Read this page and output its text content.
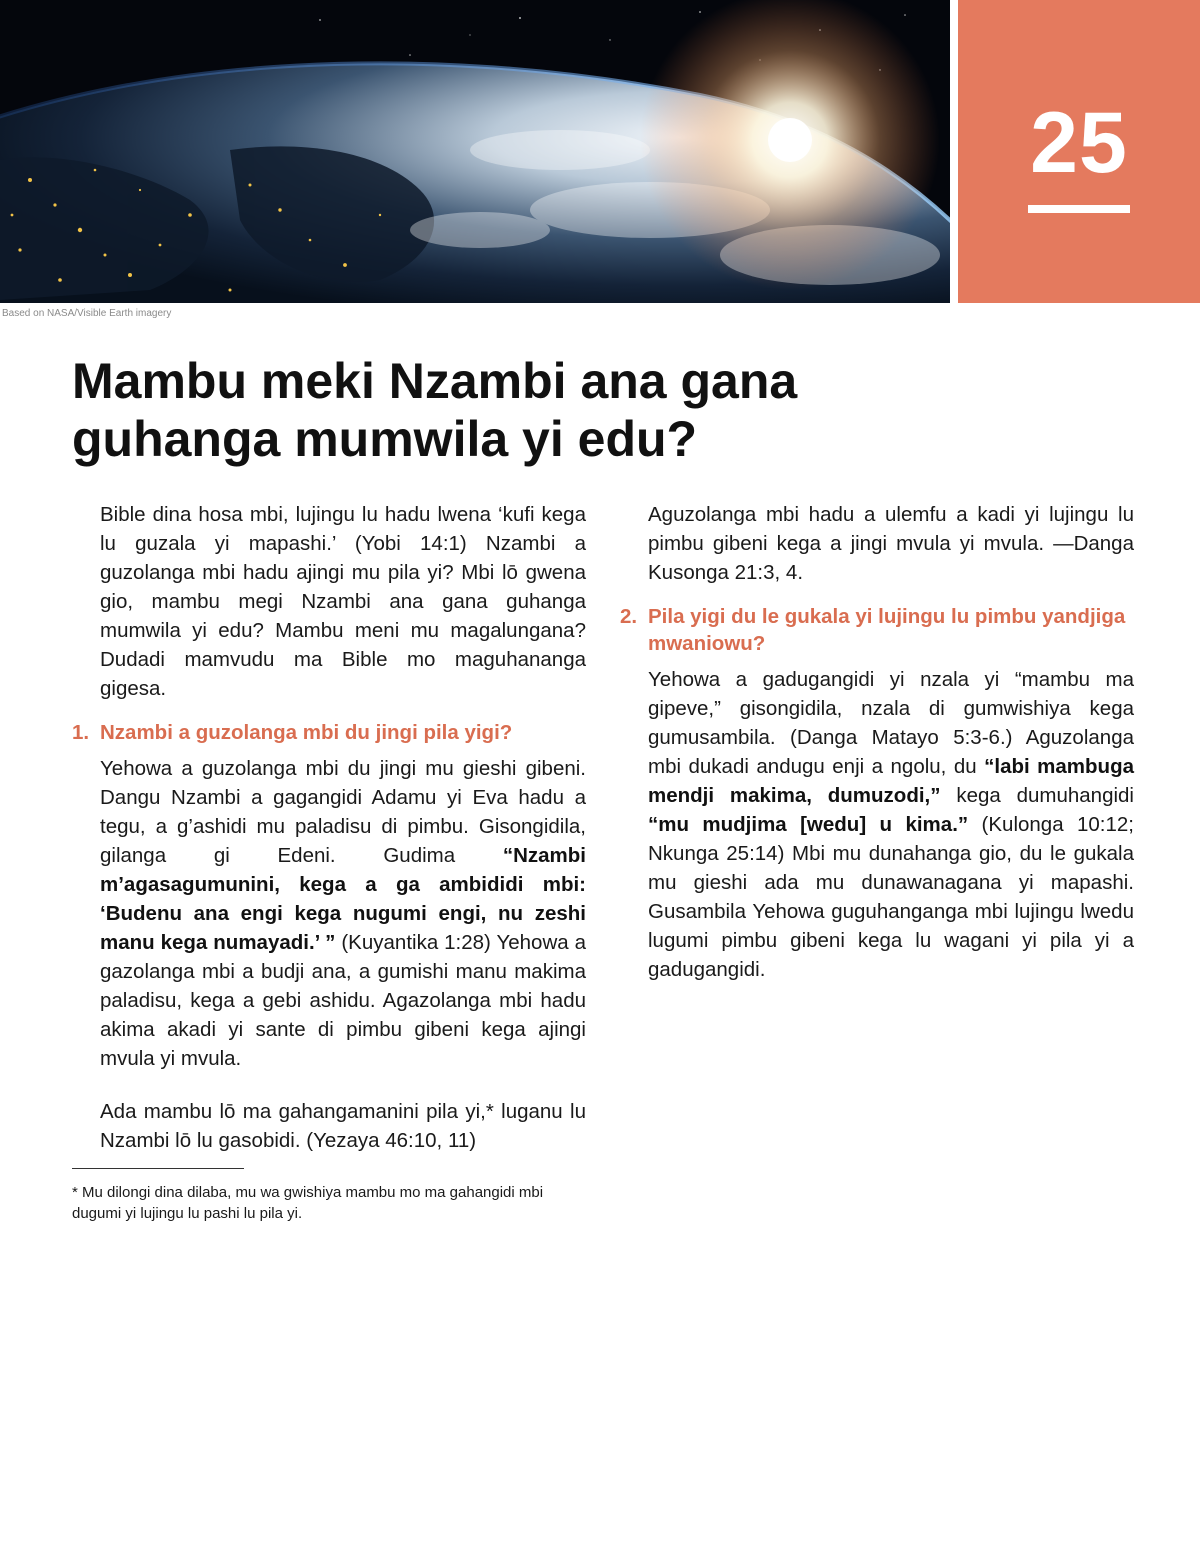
25
Based on NASA/Visible Earth imagery
Mambu meki Nzambi ana gana
guhanga mumwila yi edu?

Bible dina hosa mbi, lujingu lu hadu lwena ‘kufi kega lu guzala yi mapashi.’ (Yobi 14:1) Nzambi a guzolanga mbi hadu ajingi mu pila yi? Mbi lō gwena gio, mambu megi Nzambi ana gana guhanga mumwila yi edu? Mambu meni mu magalungana? Dudadi mamvudu ma Bible mo maguhananga gigesa.

1. Nzambi a guzolanga mbi du jingi pila yigi?

Yehowa a guzolanga mbi du jingi mu gieshi gibeni. Dangu Nzambi a gagangidi Adamu yi Eva hadu a tegu, a g’ashidi mu paladisu di pimbu. Gisongidila, gilanga gi Edeni. Gudima “Nzambi m’agasagumunini, kega a ga ambididi mbi: ‘Budenu ana engi kega nugumi engi, nu zeshi manu kega numayadi.’ ” (Kuyantika 1:28) Yehowa a gazolanga mbi a budji ana, a gumishi manu makima paladisu, kega a gebi ashidu. Agazolanga mbi hadu akima akadi yi sante di pimbu gibeni kega ajingi mvula yi mvula.

Ada mambu lō ma gahangamanini pila yi,* luganu lu Nzambi lō lu gasobidi. (Yezaya 46:10, 11)

Aguzolanga mbi hadu a ulemfu a kadi yi lujingu lu pimbu gibeni kega a jingi mvula yi mvula. —Danga Kusonga 21:3, 4.

2. Pila yigi du le gukala yi lujingu lu pimbu yandjiga mwaniowu?

Yehowa a gadugangidi yi nzala yi “mambu ma gipeve,” gisongidila, nzala di gumwishiya kega gumusambila. (Danga Matayo 5:3-6.) Aguzolanga mbi dukadi andugu enji a ngolu, du “labi mambuga mendji makima, dumuzodi,” kega dumuhangidi “mu mudjima [wedu] u kima.” (Kulonga 10:12; Nkunga 25:14) Mbi mu dunahanga gio, du le gukala mu gieshi ada mu dunawanagana yi mapashi. Gusambila Yehowa guguhanganga mbi lujingu lwedu lugumi pimbu gibeni kega lu wagani yi pila yi a gadugangidi.

* Mu dilongi dina dilaba, mu wa gwishiya mambu mo ma gahangidi mbi dugumi yi lujingu lu pashi lu pila yi.
